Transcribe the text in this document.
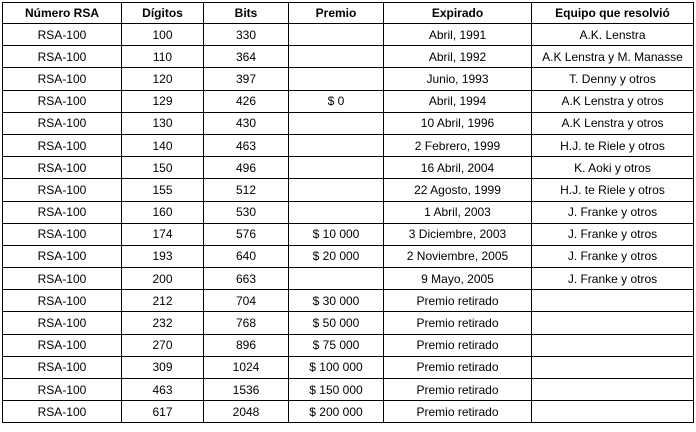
Número RSA	Dígitos	Bits	Premio	Expirado	Equipo que resolvió
RSA-100	100	330		Abril, 1991	A.K. Lenstra
RSA-100	110	364		Abril, 1992	A.K Lenstra y M. Manasse
RSA-100	120	397		Junio, 1993	T. Denny y otros
RSA-100	129	426	$ 0	Abril, 1994	A.K Lenstra y otros
RSA-100	130	430		10 Abril, 1996	A.K Lenstra y otros
RSA-100	140	463		2 Febrero, 1999	H.J. te Riele y otros
RSA-100	150	496		16 Abril, 2004	K. Aoki y otros
RSA-100	155	512		22 Agosto, 1999	H.J. te Riele y otros
RSA-100	160	530		1 Abril, 2003	J. Franke y otros
RSA-100	174	576	$ 10 000	3 Diciembre, 2003	J. Franke y otros
RSA-100	193	640	$ 20 000	2 Noviembre, 2005	J. Franke y otros
RSA-100	200	663		9 Mayo, 2005	J. Franke y otros
RSA-100	212	704	$ 30 000	Premio retirado	
RSA-100	232	768	$ 50 000	Premio retirado	
RSA-100	270	896	$ 75 000	Premio retirado	
RSA-100	309	1024	$ 100 000	Premio retirado	
RSA-100	463	1536	$ 150 000	Premio retirado	
RSA-100	617	2048	$ 200 000	Premio retirado	
